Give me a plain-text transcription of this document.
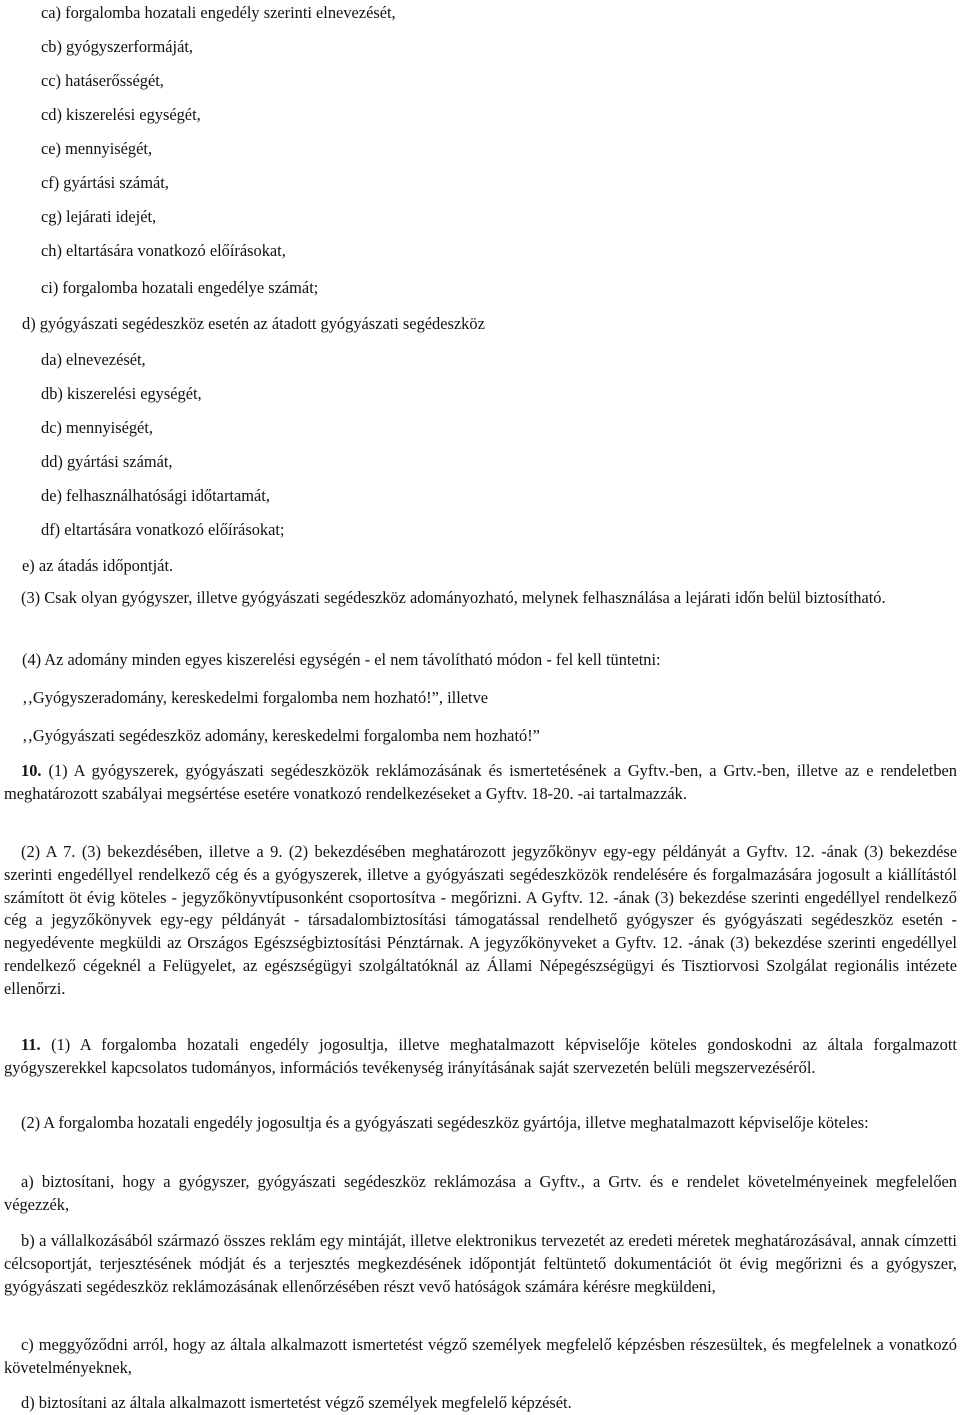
ca) forgalomba hozatali engedély szerinti elnevezését,
cb) gyógyszerformáját,
cc) hatáserősségét,
cd) kiszerelési egységét,
ce) mennyiségét,
cf) gyártási számát,
cg) lejárati idejét,
ch) eltartására vonatkozó előírásokat,
ci) forgalomba hozatali engedélye számát;
d) gyógyászati segédeszköz esetén az átadott gyógyászati segédeszköz
da) elnevezését,
db) kiszerelési egységét,
dc) mennyiségét,
dd) gyártási számát,
de) felhasználhatósági időtartamát,
df) eltartására vonatkozó előírásokat;
e) az átadás időpontját.
(3) Csak olyan gyógyszer, illetve gyógyászati segédeszköz adományozható, melynek felhasználása a lejárati időn belül biztosítható.
(4) Az adomány minden egyes kiszerelési egységén - el nem távolítható módon - fel kell tüntetni:
‚‚Gyógyszeradomány, kereskedelmi forgalomba nem hozható!”, illetve
‚‚Gyógyászati segédeszköz adomány, kereskedelmi forgalomba nem hozható!”
10. (1) A gyógyszerek, gyógyászati segédeszközök reklámozásának és ismertetésének a Gyftv.-ben, a Grtv.-ben, illetve az e rendeletben meghatározott szabályai megsértése esetére vonatkozó rendelkezéseket a Gyftv. 18-20. -ai tartalmazzák.
(2) A 7. (3) bekezdésében, illetve a 9. (2) bekezdésében meghatározott jegyzőkönyv egy-egy példányát a Gyftv. 12. -ának (3) bekezdése szerinti engedéllyel rendelkező cég és a gyógyszerek, illetve a gyógyászati segédeszközök rendelésére és forgalmazására jogosult a kiállítástól számított öt évig köteles - jegyzőkönyvtípusonként csoportosítva - megőrizni. A Gyftv. 12. -ának (3) bekezdése szerinti engedéllyel rendelkező cég a jegyzőkönyvek egy-egy példányát - társadalombiztosítási támogatással rendelhető gyógyszer és gyógyászati segédeszköz esetén - negyedévente megküldi az Országos Egészségbiztosítási Pénztárnak. A jegyzőkönyveket a Gyftv. 12. -ának (3) bekezdése szerinti engedéllyel rendelkező cégeknél a Felügyelet, az egészségügyi szolgáltatóknál az Állami Népegészségügyi és Tisztiorvosi Szolgálat regionális intézete ellenőrzi.
11. (1) A forgalomba hozatali engedély jogosultja, illetve meghatalmazott képviselője köteles gondoskodni az általa forgalmazott gyógyszerekkel kapcsolatos tudományos, információs tevékenység irányításának saját szervezetén belüli megszervezéséről.
(2) A forgalomba hozatali engedély jogosultja és a gyógyászati segédeszköz gyártója, illetve meghatalmazott képviselője köteles:
a) biztosítani, hogy a gyógyszer, gyógyászati segédeszköz reklámozása a Gyftv., a Grtv. és e rendelet követelményeinek megfelelően végezzék,
b) a vállalkozásából származó összes reklám egy mintáját, illetve elektronikus tervezetét az eredeti méretek meghatározásával, annak címzetti célcsoportját, terjesztésének módját és a terjesztés megkezdésének időpontját feltüntető dokumentációt öt évig megőrizni és a gyógyszer, gyógyászati segédeszköz reklámozásának ellenőrzésében részt vevő hatóságok számára kérésre megküldeni,
c) meggyőződni arról, hogy az általa alkalmazott ismertetést végző személyek megfelelő képzésben részesültek, és megfelelnek a vonatkozó követelményeknek,
d) biztosítani az általa alkalmazott ismertetést végző személyek megfelelő képzését.
